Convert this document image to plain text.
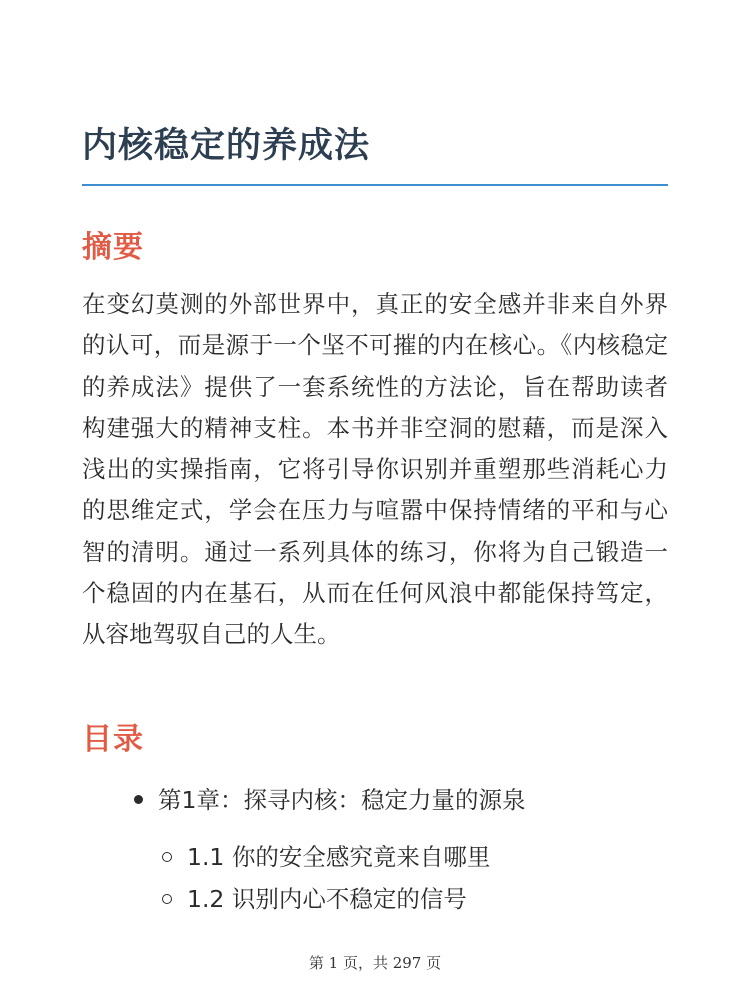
内核稳定的养成法
摘要

在变幻莫测的外部世界中，真正的安全感并非来自外界的认可，而是源于一个坚不可摧的内在核心。《内核稳定的养成法》提供了一套系统性的方法论，旨在帮助读者构建强大的精神支柱。本书并非空洞的慰藉，而是深入浅出的实操指南，它将引导你识别并重塑那些消耗心力的思维定式，学会在压力与喧嚣中保持情绪的平和与心智的清明。通过一系列具体的练习，你将为自己锻造一个稳固的内在基石，从而在任何风浪中都能保持笃定，从容地驾驭自己的人生。

目录
第1章：探寻内核：稳定力量的源泉
1.1 你的安全感究竟来自哪里
1.2 识别内心不稳定的信号
第 1 页，共 297 页
